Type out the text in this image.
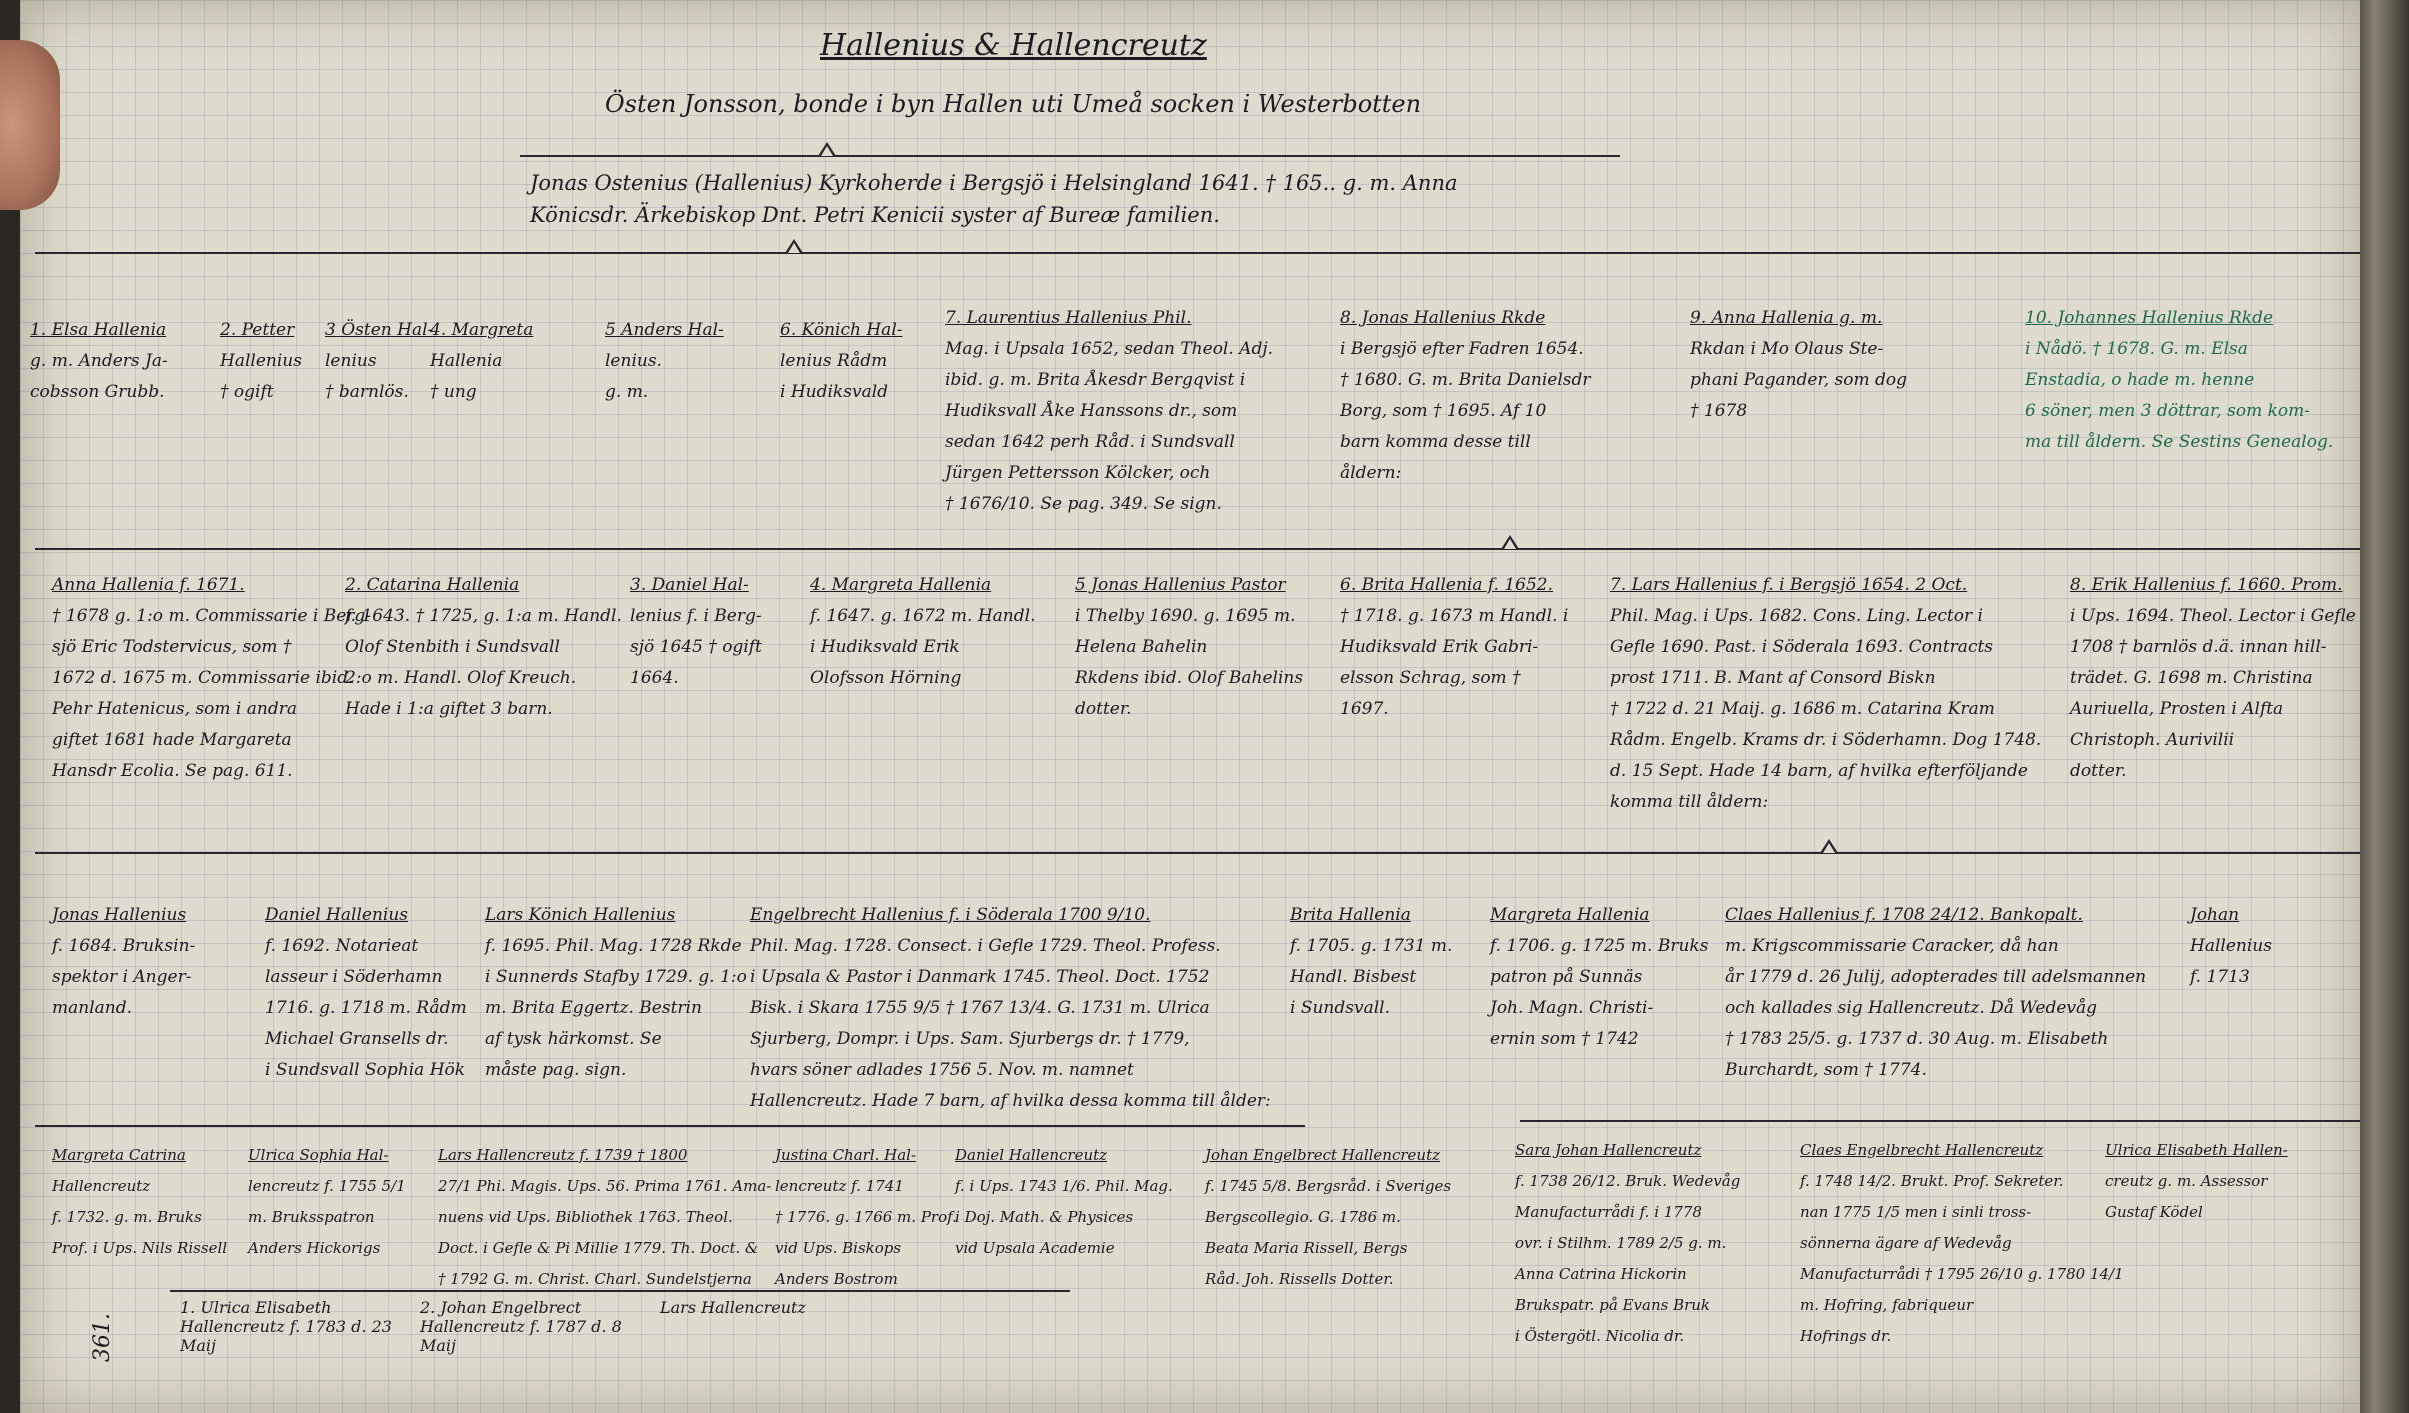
Hallenius & Hallencreutz
Östen Jonsson, bonde i byn Hallen uti Umeå socken i Westerbotten
Jonas Ostenius (Hallenius) Kyrkoherde i Bergsjö i Helsingland 1641. † 165.. g. m. Anna
Könicsdr. Ärkebiskop Dnt. Petri Kenicii syster af Bureæ familien.
1. Elsa Hallenia
g. m. Anders Ja-
cobsson Grubb.
2. Petter
Hallenius
† ogift
3 Östen Hal-
lenius
† barnlös.
4. Margreta
Hallenia
† ung
5 Anders Hal-
lenius.
g. m.
6. Könich Hal-
lenius Rådm
i Hudiksvald
7. Laurentius Hallenius Phil.
Mag. i Upsala 1652, sedan Theol. Adj.
ibid. g. m. Brita Åkesdr Bergqvist i
Hudiksvall Åke Hanssons dr., som
sedan 1642 perh Råd. i Sundsvall
Jürgen Pettersson Kölcker, och
† 1676/10. Se pag. 349. Se sign.
8. Jonas Hallenius Rkde
i Bergsjö efter Fadren 1654.
† 1680. G. m. Brita Danielsdr
Borg, som † 1695. Af 10
barn komma desse till
åldern:
9. Anna Hallenia g. m.
Rkdan i Mo Olaus Ste-
phani Pagander, som dog
† 1678
10. Johannes Hallenius Rkde
i Nådö. † 1678. G. m. Elsa
Enstadia, o hade m. henne
6 söner, men 3 döttrar, som kom-
ma till åldern. Se Sestins Genealog.
Anna Hallenia f. 1671.
† 1678 g. 1:o m. Commissarie i Berg-
sjö Eric Todstervicus, som †
1672 d. 1675 m. Commissarie ibid.
Pehr Hatenicus, som i andra
giftet 1681 hade Margareta
Hansdr Ecolia. Se pag. 611.
2. Catarina Hallenia
f. 1643. † 1725, g. 1:a m. Handl.
Olof Stenbith i Sundsvall
2:o m. Handl. Olof Kreuch.
Hade i 1:a giftet 3 barn.
3. Daniel Hal-
lenius f. i Berg-
sjö 1645 † ogift
1664.
4. Margreta Hallenia
f. 1647. g. 1672 m. Handl.
i Hudiksvald Erik
Olofsson Hörning
5 Jonas Hallenius Pastor
i Thelby 1690. g. 1695 m.
Helena Bahelin
Rkdens ibid. Olof Bahelins
dotter.
6. Brita Hallenia f. 1652.
† 1718. g. 1673 m Handl. i
Hudiksvald Erik Gabri-
elsson Schrag, som †
1697.
7. Lars Hallenius f. i Bergsjö 1654. 2 Oct.
Phil. Mag. i Ups. 1682. Cons. Ling. Lector i
Gefle 1690. Past. i Söderala 1693. Contracts
prost 1711. B. Mant af Consord Biskn
† 1722 d. 21 Maij. g. 1686 m. Catarina Kram
Rådm. Engelb. Krams dr. i Söderhamn. Dog 1748.
d. 15 Sept. Hade 14 barn, af hvilka efterföljande
komma till åldern:
8. Erik Hallenius f. 1660. Prom.
i Ups. 1694. Theol. Lector i Gefle
1708 † barnlös d.ä. innan hill-
trädet. G. 1698 m. Christina
Auriuella, Prosten i Alfta
Christoph. Aurivilii
dotter.
Jonas Hallenius
f. 1684. Bruksin-
spektor i Anger-
manland.
Daniel Hallenius
f. 1692. Notarieat
lasseur i Söderhamn
1716. g. 1718 m. Rådm
Michael Gransells dr.
i Sundsvall Sophia Hök
Lars Könich Hallenius
f. 1695. Phil. Mag. 1728 Rkde
i Sunnerds Stafby 1729. g. 1:o
m. Brita Eggertz. Bestrin
af tysk härkomst. Se
måste pag. sign.
Engelbrecht Hallenius f. i Söderala 1700 9/10.
Phil. Mag. 1728. Consect. i Gefle 1729. Theol. Profess.
i Upsala & Pastor i Danmark 1745. Theol. Doct. 1752
Bisk. i Skara 1755 9/5 † 1767 13/4. G. 1731 m. Ulrica
Sjurberg, Dompr. i Ups. Sam. Sjurbergs dr. † 1779,
hvars söner adlades 1756 5. Nov. m. namnet
Hallencreutz. Hade 7 barn, af hvilka dessa komma till ålder:
Brita Hallenia
f. 1705. g. 1731 m.
Handl. Bisbest
i Sundsvall.
Margreta Hallenia
f. 1706. g. 1725 m. Bruks
patron på Sunnäs
Joh. Magn. Christi-
ernin som † 1742
Claes Hallenius f. 1708 24/12. Bankopalt.
m. Krigscommissarie Caracker, då han
år 1779 d. 26 Julij, adopterades till adelsmannen
och kallades sig Hallencreutz. Då Wedevåg
† 1783 25/5. g. 1737 d. 30 Aug. m. Elisabeth
Burchardt, som † 1774.
Johan
Hallenius
f. 1713
Margreta Catrina
Hallencreutz
f. 1732. g. m. Bruks
Prof. i Ups. Nils Rissell
Ulrica Sophia Hal-
lencreutz f. 1755 5/1
m. Bruksspatron
Anders Hickorigs
Lars Hallencreutz f. 1739 † 1800
27/1 Phi. Magis. Ups. 56. Prima 1761. Ama-
nuens vid Ups. Bibliothek 1763. Theol.
Doct. i Gefle & Pi Millie 1779. Th. Doct. &
† 1792 G. m. Christ. Charl. Sundelstjerna
Justina Charl. Hal-
lencreutz f. 1741
† 1776. g. 1766 m. Prof.
vid Ups. Biskops
Anders Bostrom
Daniel Hallencreutz
f. i Ups. 1743 1/6. Phil. Mag.
i Doj. Math. & Physices
vid Upsala Academie
Johan Engelbrect Hallencreutz
f. 1745 5/8. Bergsråd. i Sveriges
Bergscollegio. G. 1786 m.
Beata Maria Rissell, Bergs
Råd. Joh. Rissells Dotter.
Sara Johan Hallencreutz
f. 1738 26/12. Bruk. Wedevåg
Manufacturrådi f. i 1778
ovr. i Stilhm. 1789 2/5 g. m.
Anna Catrina Hickorin
Brukspatr. på Evans Bruk
i Östergötl. Nicolia dr.
Claes Engelbrecht Hallencreutz
f. 1748 14/2. Brukt. Prof. Sekreter.
nan 1775 1/5 men i sinli tross-
sönnerna ägare af Wedevåg
Manufacturrådi † 1795 26/10 g. 1780 14/1
m. Hofring, fabriqueur
Hofrings dr.
Ulrica Elisabeth Hallen-
creutz g. m. Assessor
Gustaf Ködel
1. Ulrica Elisabeth Hallencreutz f. 1783 d. 23 Maij
2. Johan Engelbrect Hallencreutz f. 1787 d. 8 Maij
Lars Hallencreutz
361.
